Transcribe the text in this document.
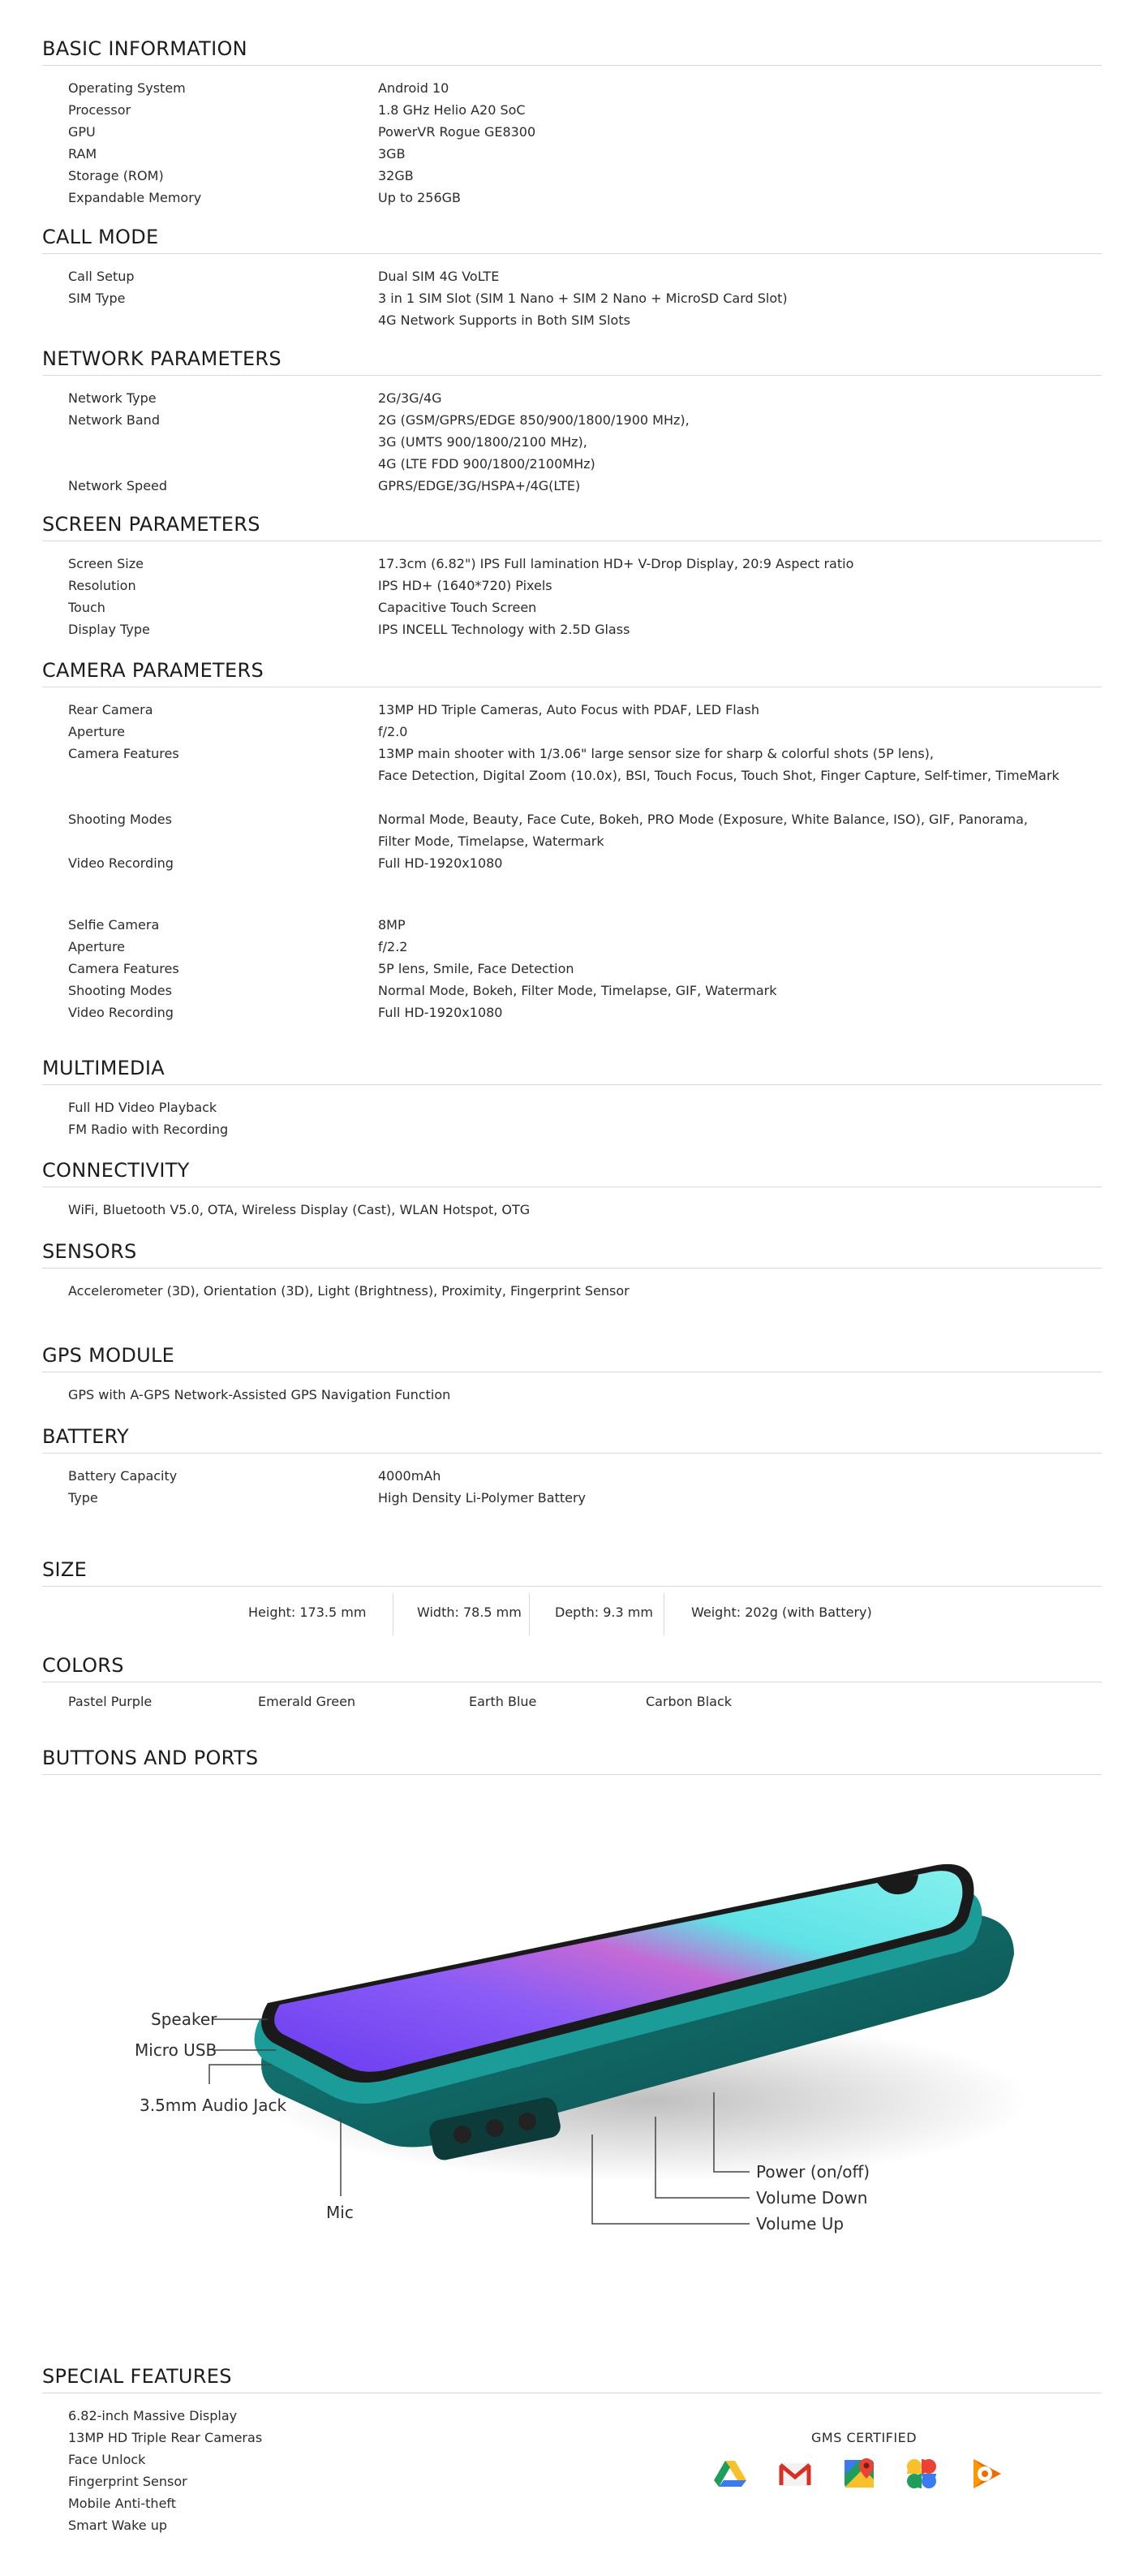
BASIC INFORMATION
Operating System	Android 10
Processor	1.8 GHz Helio A20 SoC
GPU	PowerVR Rogue GE8300
RAM	3GB
Storage (ROM)	32GB
Expandable Memory	Up to 256GB
CALL MODE
Call Setup	Dual SIM 4G VoLTE
SIM Type	3 in 1 SIM Slot (SIM 1 Nano + SIM 2 Nano + MicroSD Card Slot)
4G Network Supports in Both SIM Slots
NETWORK PARAMETERS
Network Type	2G/3G/4G
Network Band	2G (GSM/GPRS/EDGE 850/900/1800/1900 MHz),
3G (UMTS 900/1800/2100 MHz),
4G (LTE FDD 900/1800/2100MHz)
Network Speed	GPRS/EDGE/3G/HSPA+/4G(LTE)
SCREEN PARAMETERS
Screen Size	17.3cm (6.82") IPS Full lamination HD+ V-Drop Display, 20:9 Aspect ratio
Resolution	IPS HD+ (1640*720) Pixels
Touch	Capacitive Touch Screen
Display Type	IPS INCELL Technology with 2.5D Glass
CAMERA PARAMETERS
Rear Camera	13MP HD Triple Cameras, Auto Focus with PDAF, LED Flash
Aperture	f/2.0
Camera Features	13MP main shooter with 1/3.06" large sensor size for sharp & colorful shots (5P lens),
Face Detection, Digital Zoom (10.0x), BSI, Touch Focus, Touch Shot, Finger Capture, Self-timer, TimeMark
Shooting Modes	Normal Mode, Beauty, Face Cute, Bokeh, PRO Mode (Exposure, White Balance, ISO), GIF, Panorama,
Filter Mode, Timelapse, Watermark
Video Recording	Full HD-1920x1080
Selfie Camera	8MP
Aperture	f/2.2
Camera Features	5P lens, Smile, Face Detection
Shooting Modes	Normal Mode, Bokeh, Filter Mode, Timelapse, GIF, Watermark
Video Recording	Full HD-1920x1080
MULTIMEDIA
Full HD Video Playback
FM Radio with Recording
CONNECTIVITY
WiFi, Bluetooth V5.0, OTA, Wireless Display (Cast), WLAN Hotspot, OTG
SENSORS
Accelerometer (3D), Orientation (3D), Light (Brightness), Proximity, Fingerprint Sensor
GPS MODULE
GPS with A-GPS Network-Assisted GPS Navigation Function
BATTERY
Battery Capacity	4000mAh
Type	High Density Li-Polymer Battery
SIZE
Height: 173.5 mm	Width: 78.5 mm	Depth: 9.3 mm	Weight: 202g (with Battery)
COLORS
Pastel Purple	Emerald Green	Earth Blue	Carbon Black
BUTTONS AND PORTS
SPECIAL FEATURES
6.82-inch Massive Display
13MP HD Triple Rear Cameras
Face Unlock
Fingerprint Sensor
Mobile Anti-theft
Smart Wake up
Speaker
Micro USB
3.5mm Audio Jack
Mic
Power (on/off)
Volume Down
Volume Up
GMS CERTIFIED
